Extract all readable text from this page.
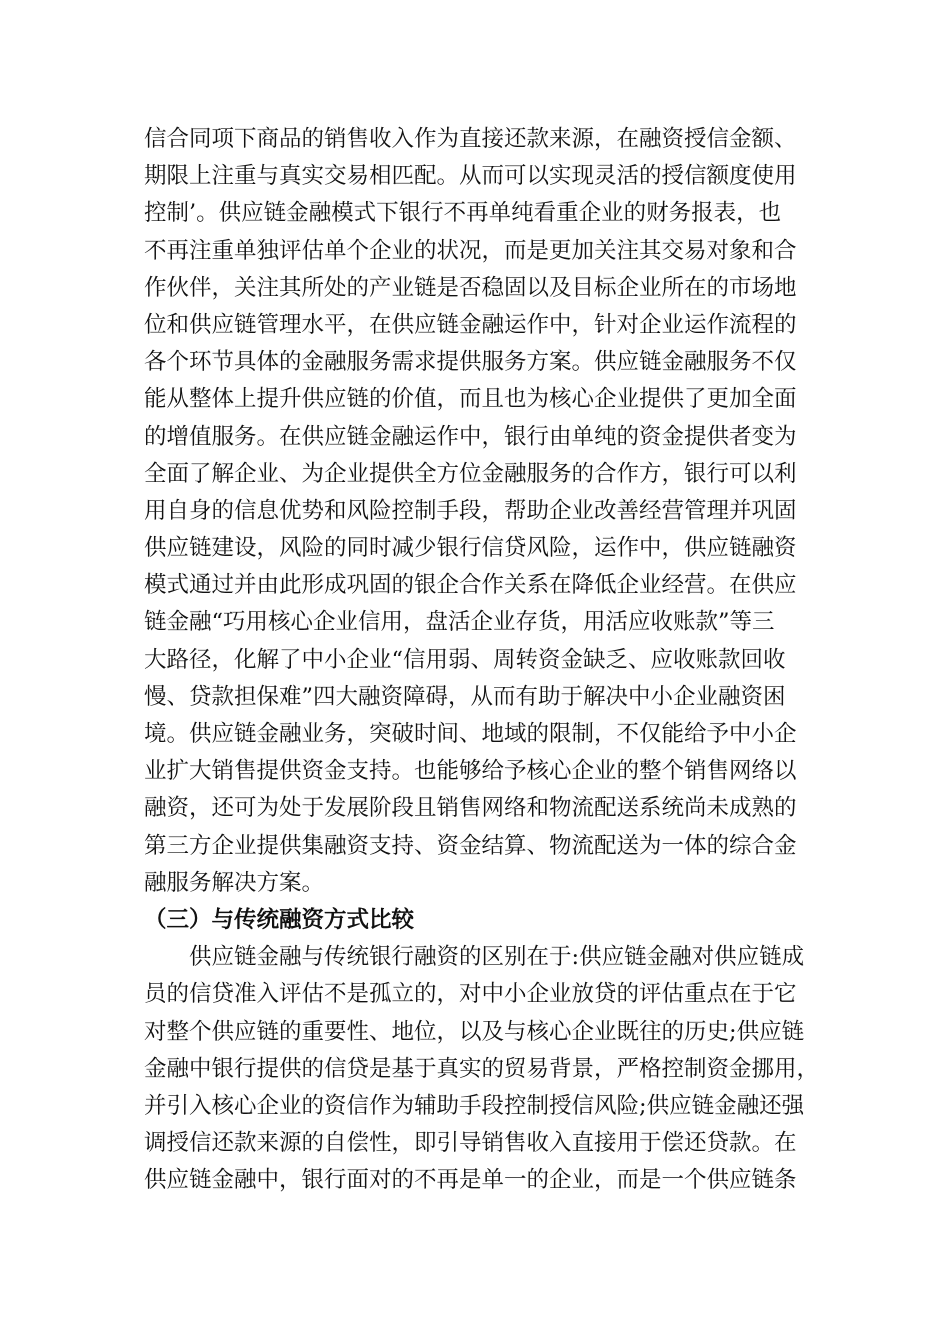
信合同项下商品的销售收入作为直接还款来源，在融资授信金额、
期限上注重与真实交易相匹配。从而可以实现灵活的授信额度使用
控制’。供应链金融模式下银行不再单纯看重企业的财务报表，也
不再注重单独评估单个企业的状况，而是更加关注其交易对象和合
作伙伴，关注其所处的产业链是否稳固以及目标企业所在的市场地
位和供应链管理水平，在供应链金融运作中，针对企业运作流程的
各个环节具体的金融服务需求提供服务方案。供应链金融服务不仅
能从整体上提升供应链的价值，而且也为核心企业提供了更加全面
的增值服务。在供应链金融运作中，银行由单纯的资金提供者变为
全面了解企业、为企业提供全方位金融服务的合作方，银行可以利
用自身的信息优势和风险控制手段，帮助企业改善经营管理并巩固
供应链建设，风险的同时减少银行信贷风险，运作中，供应链融资
模式通过并由此形成巩固的银企合作关系在降低企业经营。在供应
链金融“巧用核心企业信用，盘活企业存货，用活应收账款”等三
大路径，化解了中小企业“信用弱、周转资金缺乏、应收账款回收
慢、贷款担保难”四大融资障碍，从而有助于解决中小企业融资困
境。供应链金融业务，突破时间、地域的限制，不仅能给予中小企
业扩大销售提供资金支持。也能够给予核心企业的整个销售网络以
融资，还可为处于发展阶段且销售网络和物流配送系统尚未成熟的
第三方企业提供集融资支持、资金结算、物流配送为一体的综合金
融服务解决方案。
（三）与传统融资方式比较
供应链金融与传统银行融资的区别在于:供应链金融对供应链成
员的信贷准入评估不是孤立的，对中小企业放贷的评估重点在于它
对整个供应链的重要性、地位，以及与核心企业既往的历史;供应链
金融中银行提供的信贷是基于真实的贸易背景，严格控制资金挪用，
并引入核心企业的资信作为辅助手段控制授信风险;供应链金融还强
调授信还款来源的自偿性，即引导销售收入直接用于偿还贷款。在
供应链金融中，银行面对的不再是单一的企业，而是一个供应链条
